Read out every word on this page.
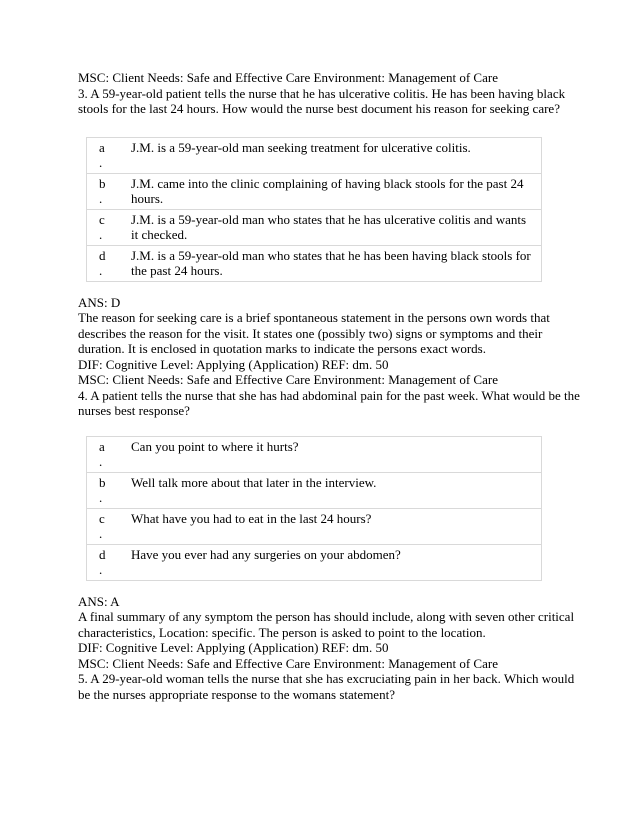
MSC: Client Needs: Safe and Effective Care Environment: Management of Care

3. A 59-year-old patient tells the nurse that he has ulcerative colitis. He has been having black stools for the last 24 hours. How would the nurse best document his reason for seeking care?

a
.
J.M. is a 59-year-old man seeking treatment for ulcerative colitis.
b
.
J.M. came into the clinic complaining of having black stools for the past 24 hours.
c
.
J.M. is a 59-year-old man who states that he has ulcerative colitis and wants it checked.
d
.
J.M. is a 59-year-old man who states that he has been having black stools for the past 24 hours.

ANS: D

The reason for seeking care is a brief spontaneous statement in the persons own words that describes the reason for the visit. It states one (possibly two) signs or symptoms and their duration. It is enclosed in quotation marks to indicate the persons exact words.

DIF: Cognitive Level: Applying (Application) REF: dm. 50

MSC: Client Needs: Safe and Effective Care Environment: Management of Care

4. A patient tells the nurse that she has had abdominal pain for the past week. What would be the nurses best response?

a
.
Can you point to where it hurts?
b
.
Well talk more about that later in the interview.
c
.
What have you had to eat in the last 24 hours?
d
.
Have you ever had any surgeries on your abdomen?

ANS: A

A final summary of any symptom the person has should include, along with seven other critical characteristics, Location: specific. The person is asked to point to the location.

DIF: Cognitive Level: Applying (Application) REF: dm. 50

MSC: Client Needs: Safe and Effective Care Environment: Management of Care

5. A 29-year-old woman tells the nurse that she has excruciating pain in her back. Which would be the nurses appropriate response to the womans statement?
